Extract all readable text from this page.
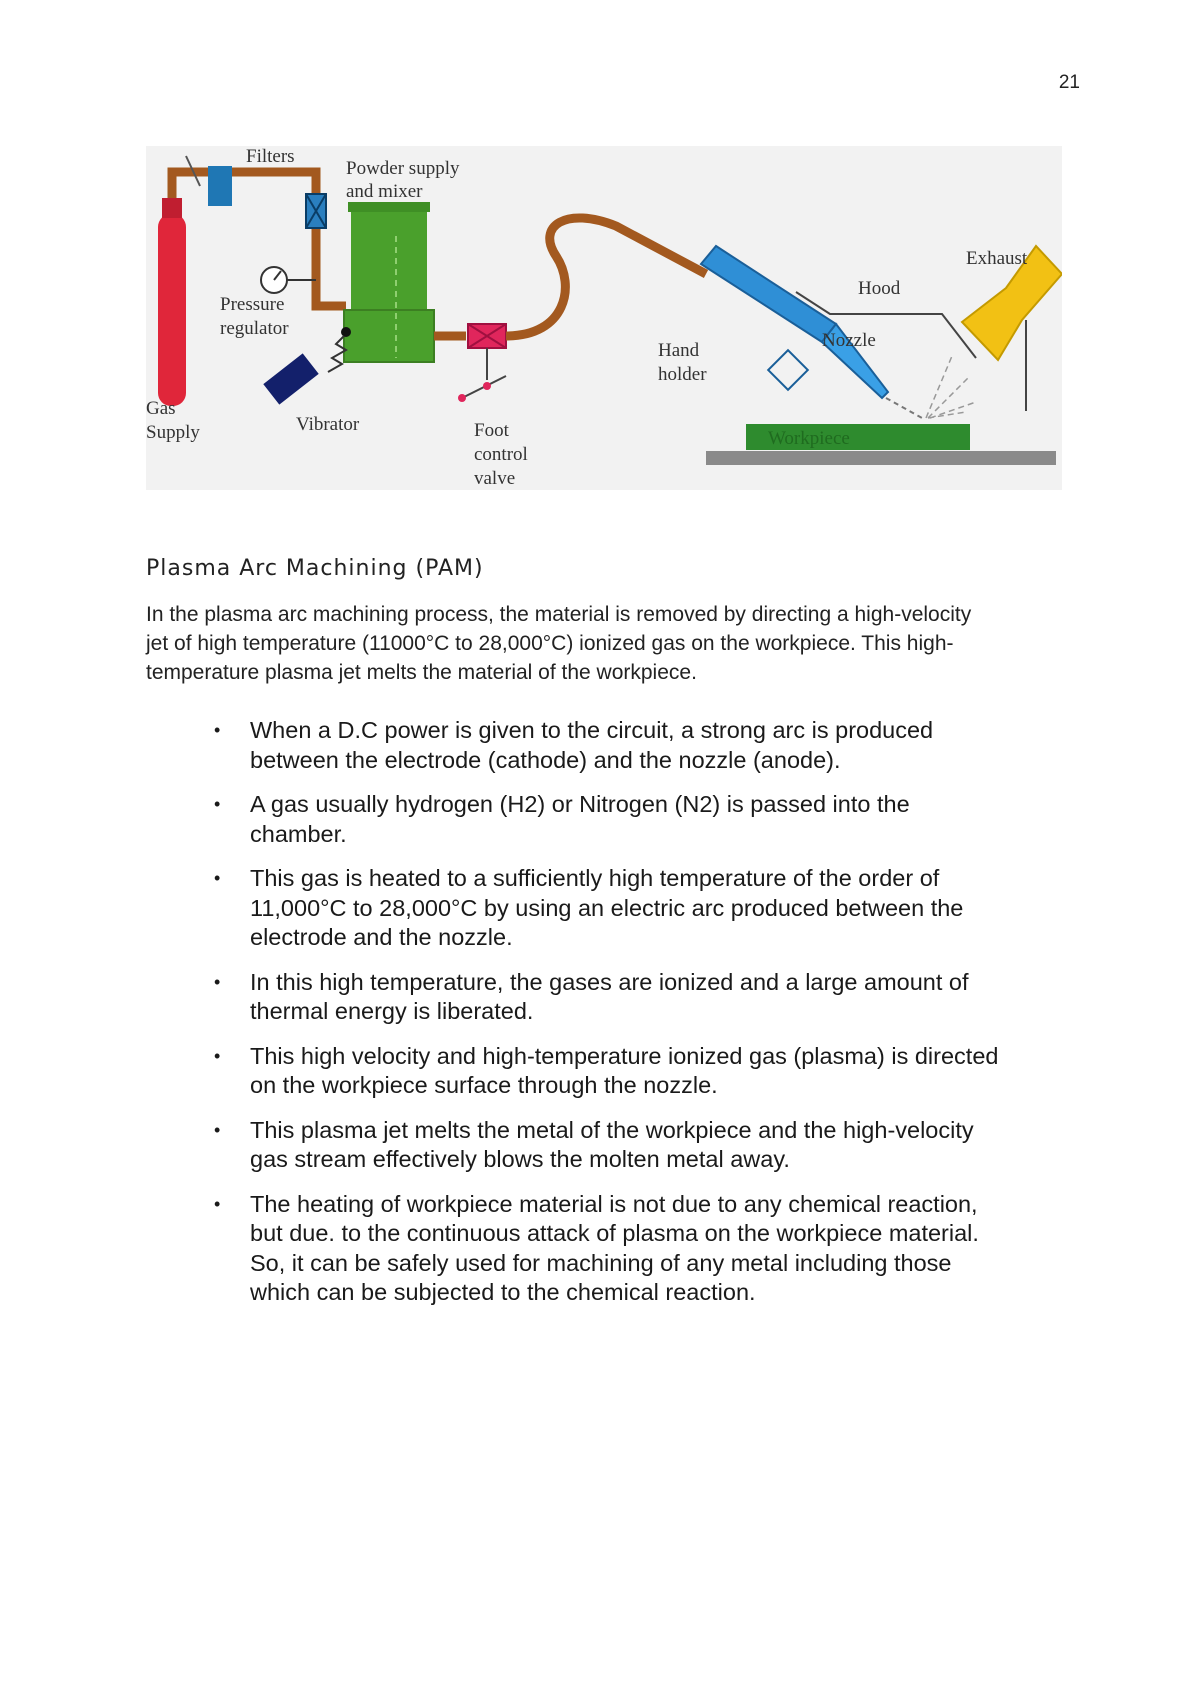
21
Filters
Powder supply
and mixer
Exhaust
Hood
Pressure
regulator
Nozzle
Hand
holder
Gas
Supply	Vibrator	Foot
control
valve
Workpiece
Plasma Arc Machining (PAM)
In the plasma arc machining process, the material is removed by directing a high-velocity
jet of high temperature (11000°C to 28,000°C) ionized gas on the workpiece. This high-
temperature plasma jet melts the material of the workpiece.
• When a D.C power is given to the circuit, a strong arc is produced
between the electrode (cathode) and the nozzle (anode).
• A gas usually hydrogen (H2) or Nitrogen (N2) is passed into the
chamber.
• This gas is heated to a sufficiently high temperature of the order of
11,000°C to 28,000°C by using an electric arc produced between the
electrode and the nozzle.
• In this high temperature, the gases are ionized and a large amount of
thermal energy is liberated.
• This high velocity and high-temperature ionized gas (plasma) is directed
on the workpiece surface through the nozzle.
• This plasma jet melts the metal of the workpiece and the high-velocity
gas stream effectively blows the molten metal away.
• The heating of workpiece material is not due to any chemical reaction,
but due. to the continuous attack of plasma on the workpiece material.
So, it can be safely used for machining of any metal including those
which can be subjected to the chemical reaction.
